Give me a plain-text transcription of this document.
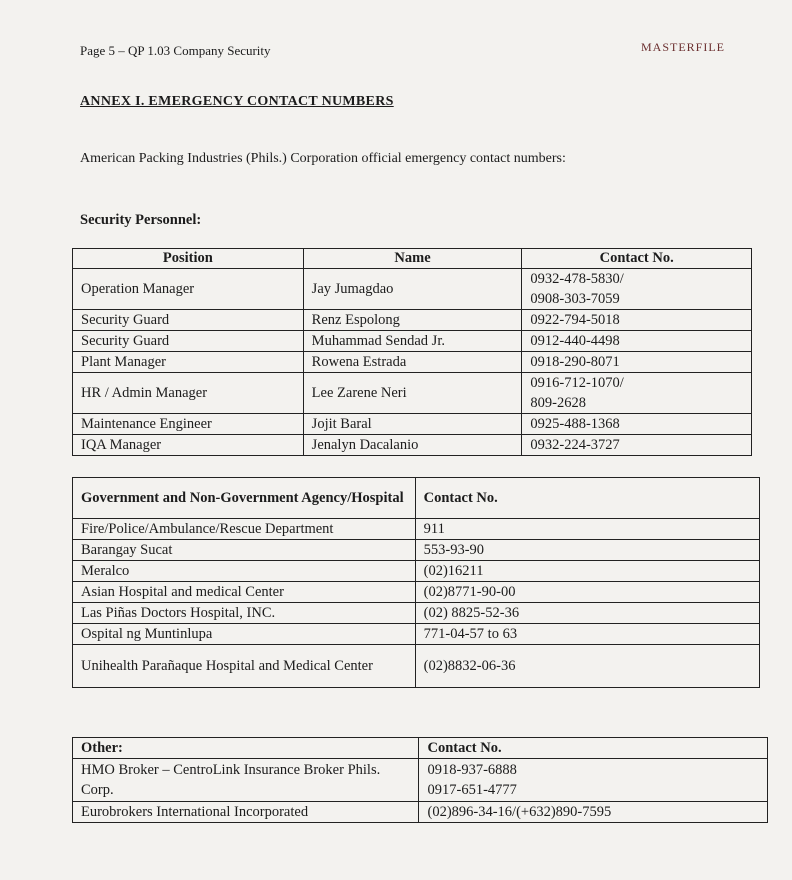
Page 5 – QP 1.03 Company Security	MASTERFILE
ANNEX I. EMERGENCY CONTACT NUMBERS
American Packing Industries (Phils.) Corporation official emergency contact numbers:
Security Personnel:
Position	Name	Contact No.
Operation Manager	Jay Jumagdao	0932-478-5830/
0908-303-7059

Security Guard	Renz Espolong	0922-794-5018
Security Guard	Muhammad Sendad Jr.	0912-440-4498
Plant Manager	Rowena Estrada	0918-290-8071
HR / Admin Manager	Lee Zarene Neri	0916-712-1070/
809-2628

Maintenance Engineer	Jojit Baral	0925-488-1368
IQA Manager	Jenalyn Dacalanio	0932-224-3727
Government and Non-Government Agency/Hospital	Contact No.
Fire/Police/Ambulance/Rescue Department	911
Barangay Sucat	553-93-90
Meralco	(02)16211
Asian Hospital and medical Center	(02)8771-90-00
Las Piñas Doctors Hospital, INC.	(02) 8825-52-36
Ospital ng Muntinlupa	771-04-57 to 63
Unihealth Parañaque Hospital and Medical Center	(02)8832-06-36
Other:	Contact No.
HMO Broker – CentroLink Insurance Broker Phils. Corp.	0918-937-6888
0917-651-4777

Eurobrokers International Incorporated	(02)896-34-16/(+632)890-7595
